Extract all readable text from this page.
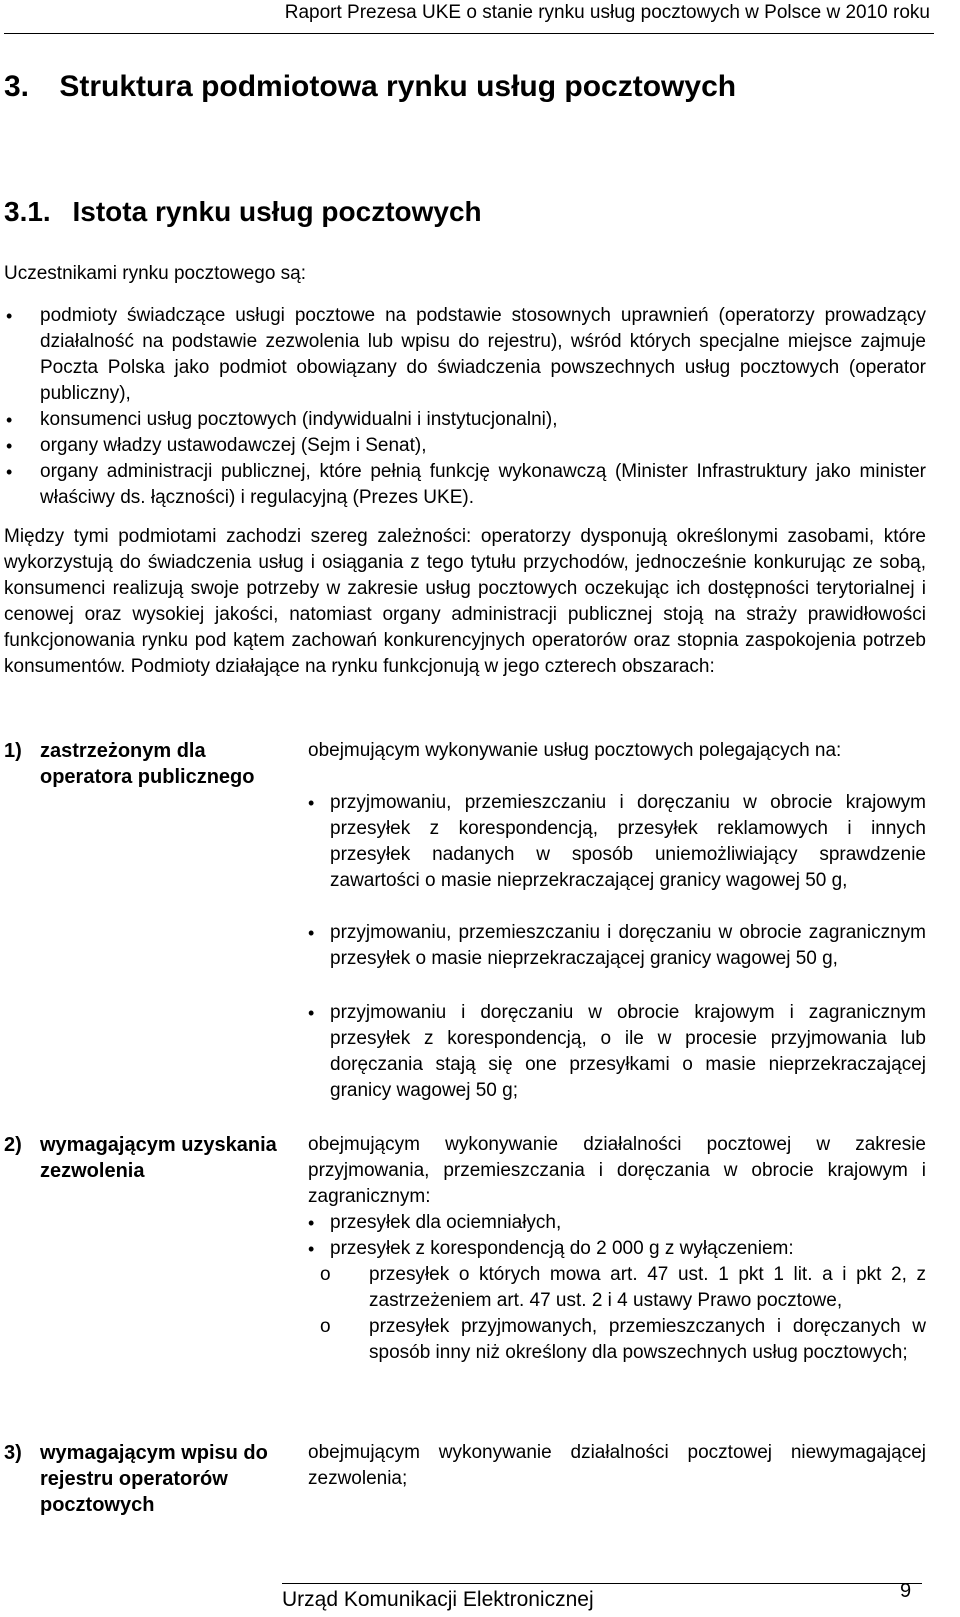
Raport Prezesa UKE o stanie rynku usług pocztowych w Polsce w 2010 roku
3. Struktura podmiotowa rynku usług pocztowych
3.1. Istota rynku usług pocztowych
Uczestnikami rynku pocztowego są:
• podmioty świadczące usługi pocztowe na podstawie stosownych uprawnień (operatorzy prowadzący działalność na podstawie zezwolenia lub wpisu do rejestru), wśród których specjalne miejsce zajmuje Poczta Polska jako podmiot obowiązany do świadczenia powszechnych usług pocztowych (operator publiczny),
• konsumenci usług pocztowych (indywidualni i instytucjonalni),
• organy władzy ustawodawczej (Sejm i Senat),
• organy administracji publicznej, które pełnią funkcję wykonawczą (Minister Infrastruktury jako minister właściwy ds. łączności) i regulacyjną (Prezes UKE).
Między tymi podmiotami zachodzi szereg zależności: operatorzy dysponują określonymi zasobami, które wykorzystują do świadczenia usług i osiągania z tego tytułu przychodów, jednocześnie konkurując ze sobą, konsumenci realizują swoje potrzeby w zakresie usług pocztowych oczekując ich dostępności terytorialnej i cenowej oraz wysokiej jakości, natomiast organy administracji publicznej stoją na straży prawidłowości funkcjonowania rynku pod kątem zachowań konkurencyjnych operatorów oraz stopnia zaspokojenia potrzeb konsumentów. Podmioty działające na rynku funkcjonują w jego czterech obszarach:
1) zastrzeżonym dla operatora publicznego
obejmującym wykonywanie usług pocztowych polegających na:
• przyjmowaniu, przemieszczaniu i doręczaniu w obrocie krajowym przesyłek z korespondencją, przesyłek reklamowych i innych przesyłek nadanych w sposób uniemożliwiający sprawdzenie zawartości o masie nieprzekraczającej granicy wagowej 50 g,
• przyjmowaniu, przemieszczaniu i doręczaniu w obrocie zagranicznym przesyłek o masie nieprzekraczającej granicy wagowej 50 g,
• przyjmowaniu i doręczaniu w obrocie krajowym i zagranicznym przesyłek z korespondencją, o ile w procesie przyjmowania lub doręczania stają się one przesyłkami o masie nieprzekraczającej granicy wagowej 50 g;
2) wymagającym uzyskania zezwolenia
obejmującym wykonywanie działalności pocztowej w zakresie przyjmowania, przemieszczania i doręczania w obrocie krajowym i zagranicznym:
• przesyłek dla ociemniałych,
• przesyłek z korespondencją do 2 000 g z wyłączeniem:
o przesyłek o których mowa art. 47 ust. 1 pkt 1 lit. a i pkt 2, z zastrzeżeniem art. 47 ust. 2 i 4 ustawy Prawo pocztowe,
o przesyłek przyjmowanych, przemieszczanych i doręczanych w sposób inny niż określony dla powszechnych usług pocztowych;
3) wymagającym wpisu do rejestru operatorów pocztowych
obejmującym wykonywanie działalności pocztowej niewymagającej zezwolenia;
Urząd Komunikacji Elektronicznej	9
